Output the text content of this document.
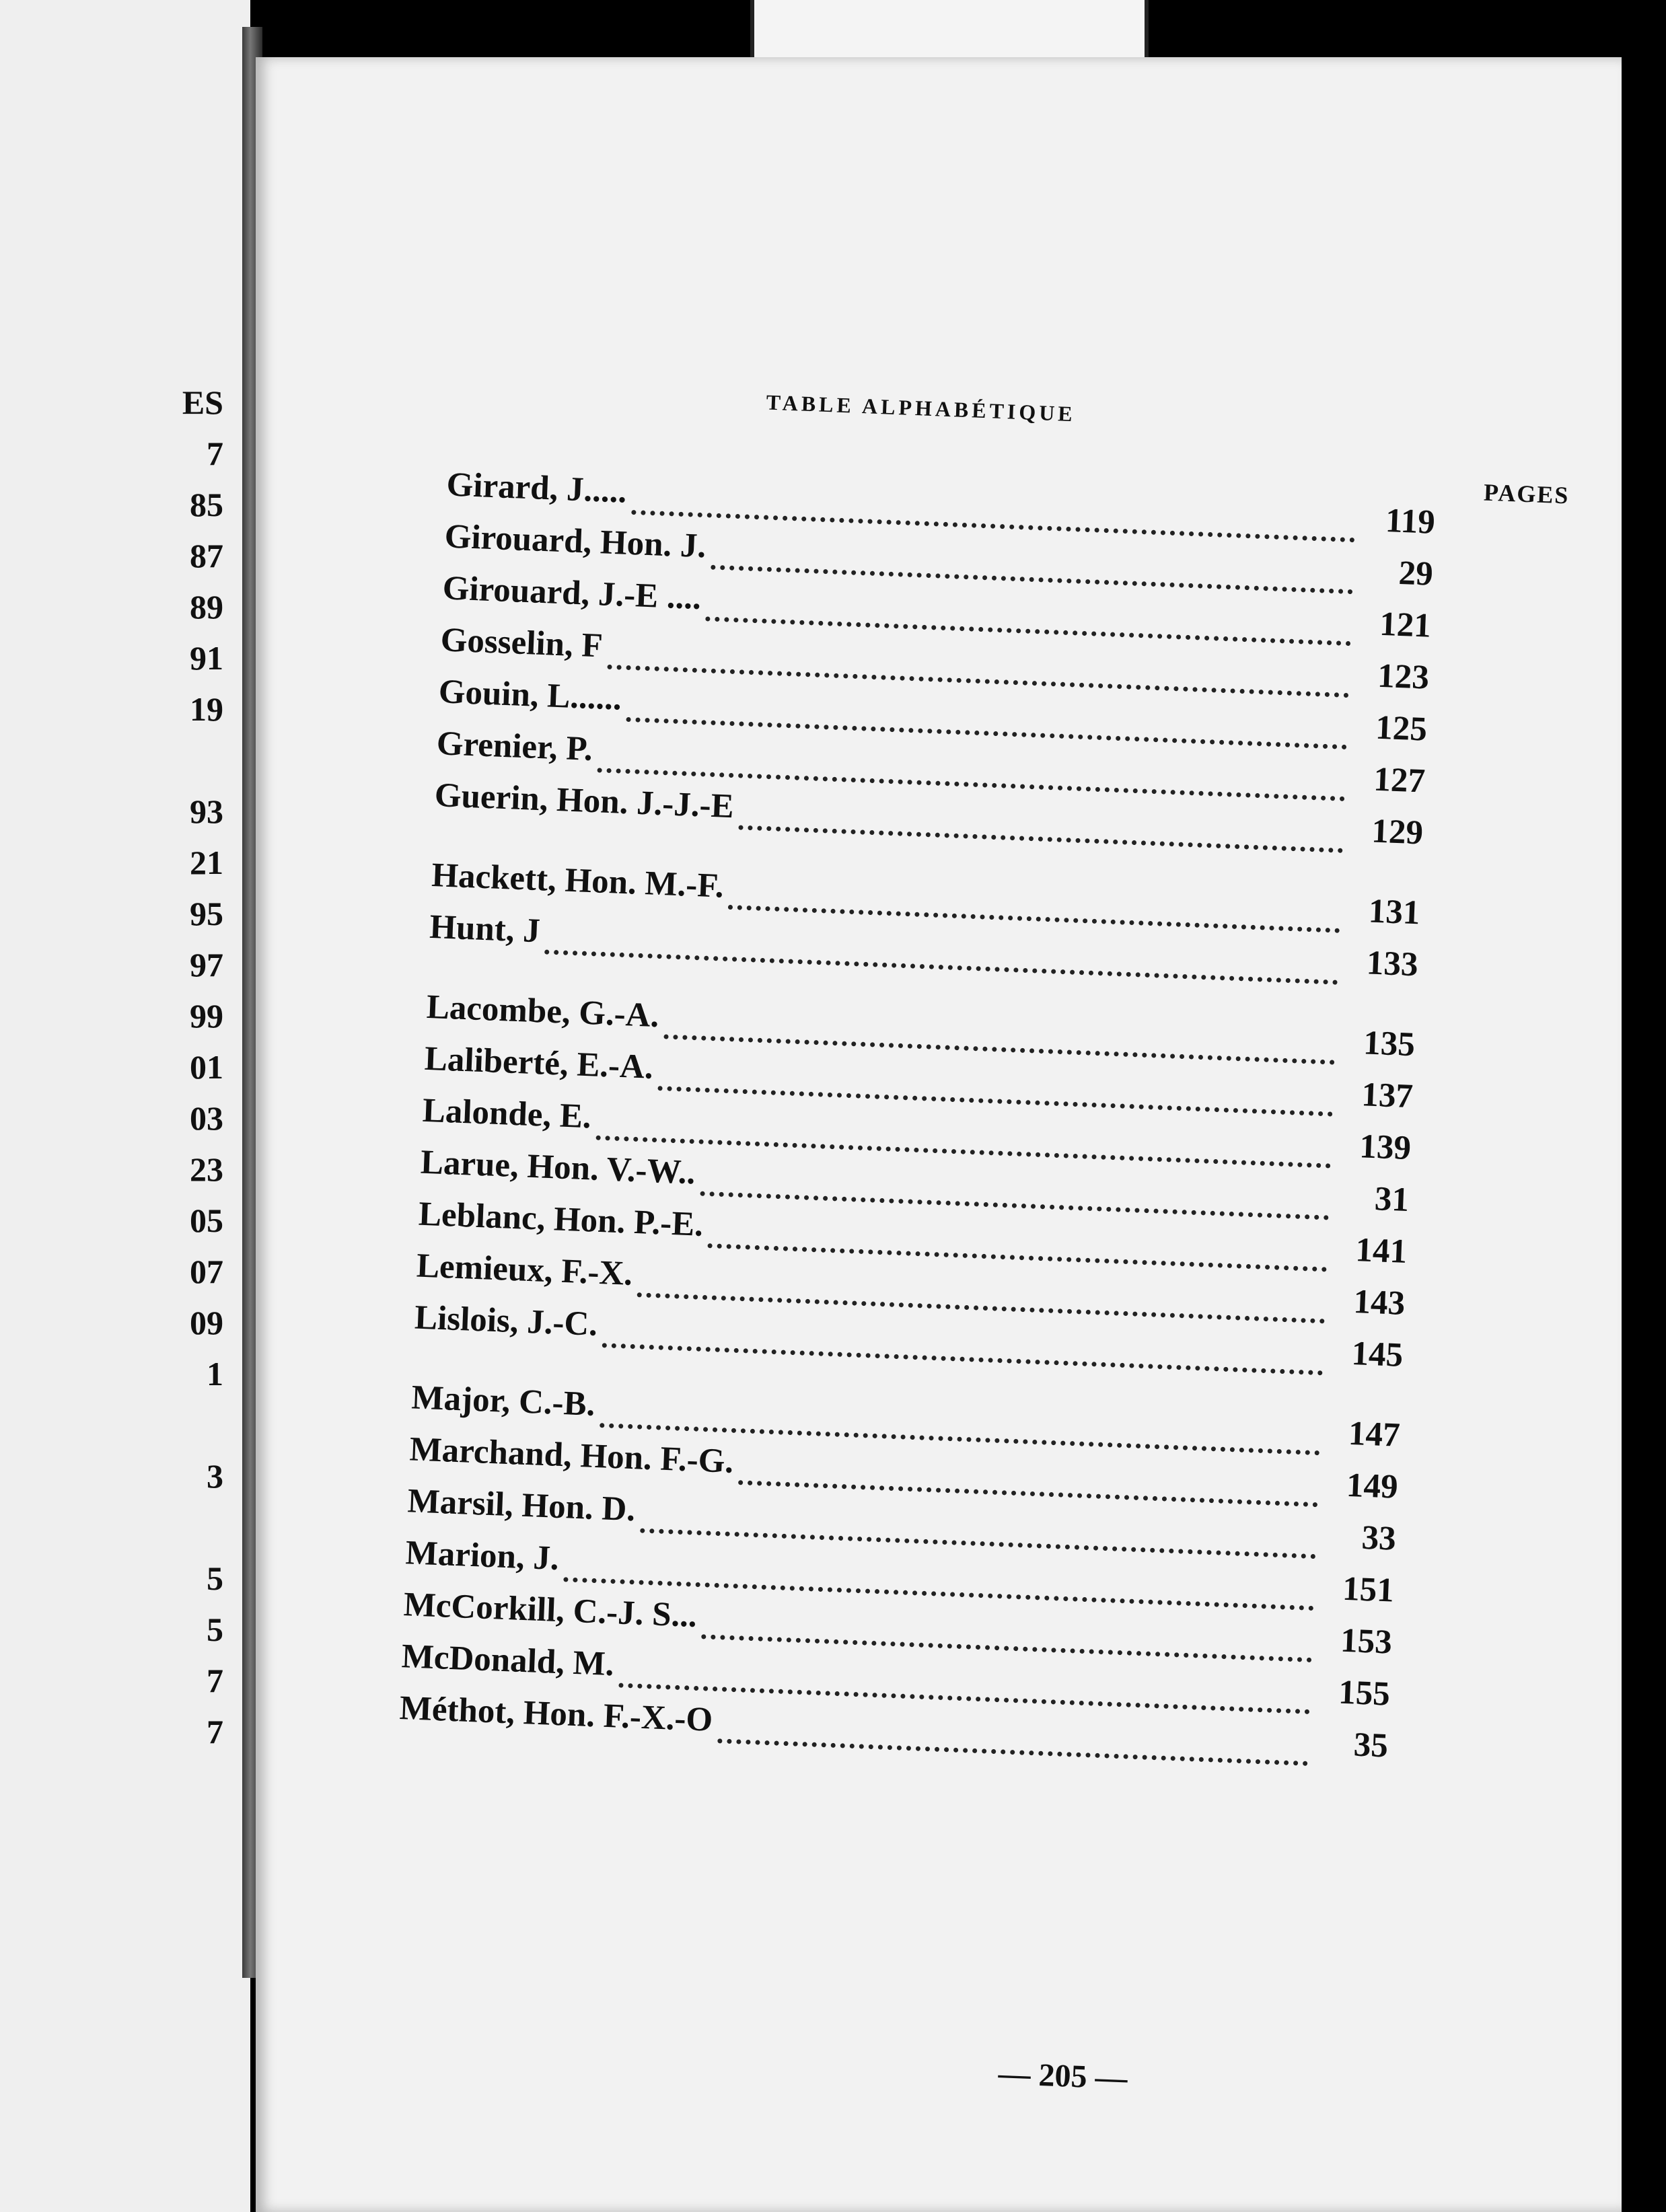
ES
7
85
87
89
91
19
93
21
95
97
99
01
03
23
05
07
09
1
3
5
5
7
7
TABLE ALPHABÉTIQUE
PAGES
Girard, J.....
119
Girouard, Hon. J.
29
Girouard, J.-E ....
121
Gosselin, F
123
Gouin, L......
125
Grenier, P.
127
Guerin, Hon. J.-J.-E
129
Hackett, Hon. M.-F.
131
Hunt, J
133
Lacombe, G.-A.
135
Laliberté, E.-A.
137
Lalonde, E.
139
Larue, Hon. V.-W..
31
Leblanc, Hon. P.-E.
141
Lemieux, F.-X.
143
Lislois, J.-C.
145
Major, C.-B.
147
Marchand, Hon. F.-G.
149
Marsil, Hon. D.
33
Marion, J.
151
McCorkill, C.-J. S...
153
McDonald, M.
155
Méthot, Hon. F.-X.-O
35
— 205 —
